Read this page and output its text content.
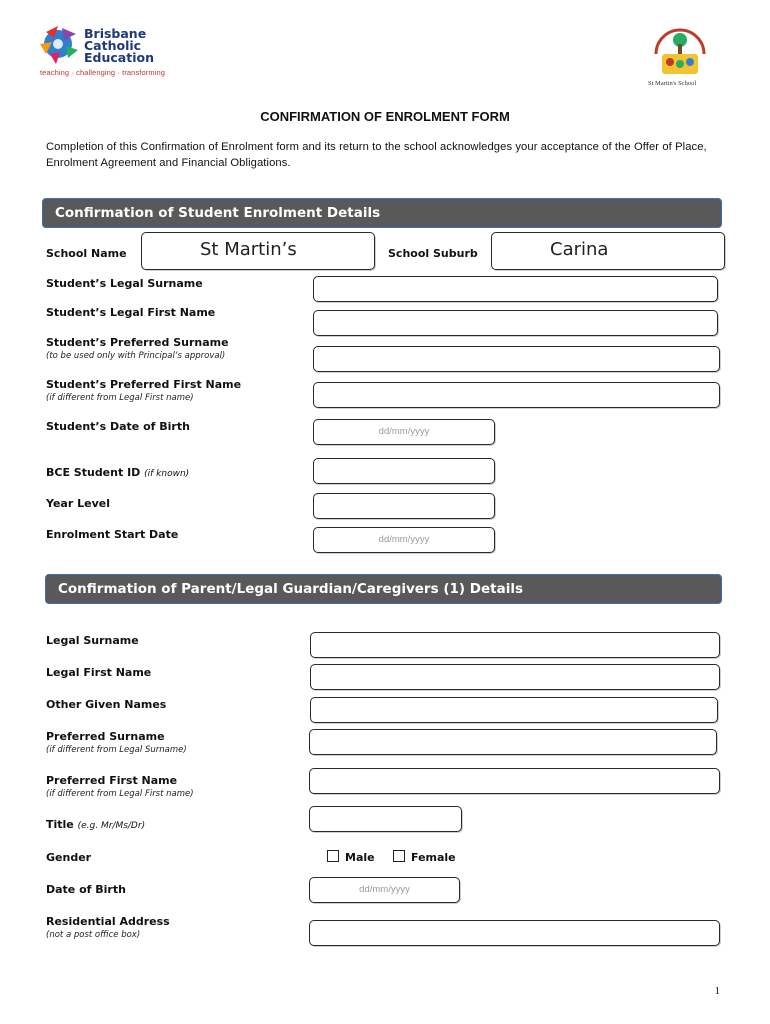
Brisbane
Catholic
Education
teaching · challenging · transforming
St Martin's School
CONFIRMATION OF ENROLMENT FORM
Completion of this Confirmation of Enrolment form and its return to the school acknowledges your acceptance of the Offer of Place, Enrolment Agreement and Financial Obligations.
Confirmation of Student Enrolment Details
School Name	St Martin’s	School Suburb	Carina
Student’s Legal Surname
Student’s Legal First Name
Student’s Preferred Surname
(to be used only with Principal’s approval)
Student’s Preferred First Name
(if different from Legal First name)
Student’s Date of Birth	dd/mm/yyyy
BCE Student ID (if known)
Year Level
Enrolment Start Date	dd/mm/yyyy
Confirmation of Parent/Legal Guardian/Caregivers (1) Details
Legal Surname
Legal First Name
Other Given Names
Preferred Surname
(if different from Legal Surname)
Preferred First Name
(if different from Legal First name)
Title (e.g. Mr/Ms/Dr)
Gender	Male	Female
Date of Birth	dd/mm/yyyy
Residential Address
(not a post office box)
1
